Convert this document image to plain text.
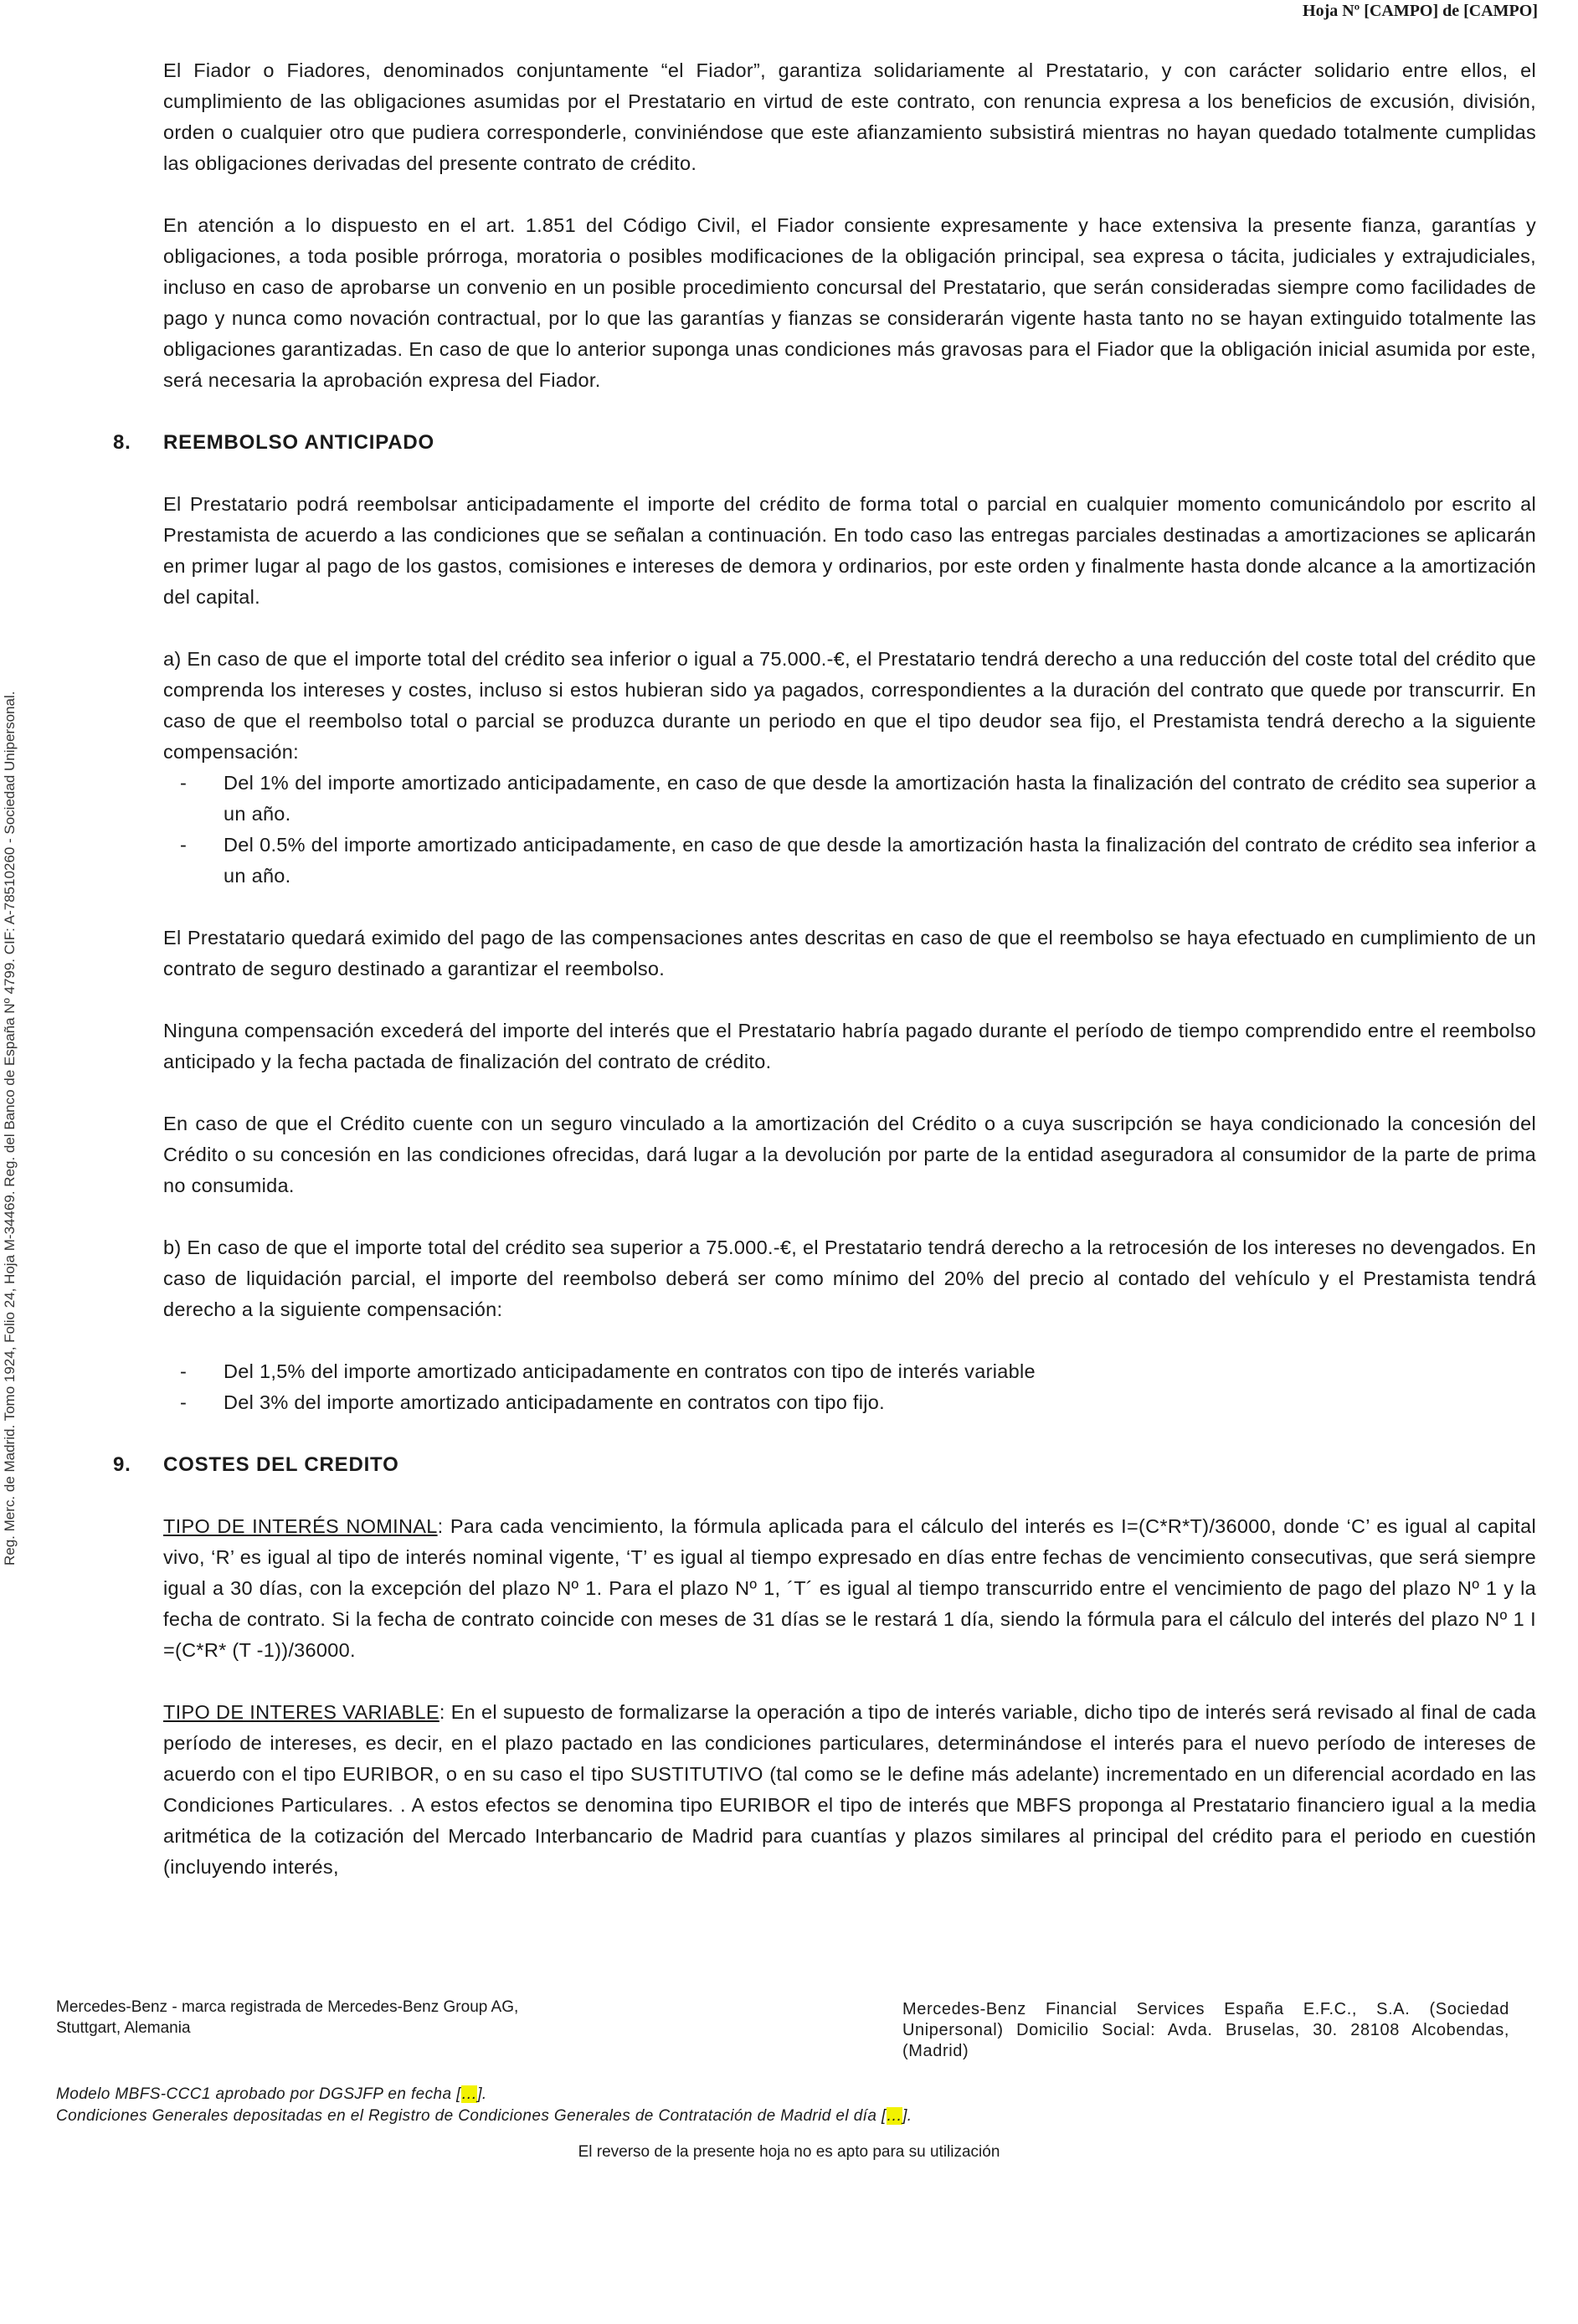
Hoja Nº [CAMPO] de [CAMPO]
Reg. Merc. de Madrid. Tomo 1924, Folio 24, Hoja M-34469. Reg. del Banco de España Nº 4799. CIF: A-78510260 - Sociedad Unipersonal.

El Fiador o Fiadores, denominados conjuntamente “el Fiador”, garantiza solidariamente al Prestatario, y con carácter solidario entre ellos, el cumplimiento de las obligaciones asumidas por el Prestatario en virtud de este contrato, con renuncia expresa a los beneficios de excusión, división, orden o cualquier otro que pudiera corresponderle, conviniéndose que este afianzamiento subsistirá mientras no hayan quedado totalmente cumplidas las obligaciones derivadas del presente contrato de crédito.

En atención a lo dispuesto en el art. 1.851 del Código Civil, el Fiador consiente expresamente y hace extensiva la presente fianza, garantías y obligaciones, a toda posible prórroga, moratoria o posibles modificaciones de la obligación principal, sea expresa o tácita, judiciales y extrajudiciales, incluso en caso de aprobarse un convenio en un posible procedimiento concursal del Prestatario, que serán consideradas siempre como facilidades de pago y nunca como novación contractual, por lo que las garantías y fianzas se considerarán vigente hasta tanto no se hayan extinguido totalmente las obligaciones garantizadas. En caso de que lo anterior suponga unas condiciones más gravosas para el Fiador que la obligación inicial asumida por este, será necesaria la aprobación expresa del Fiador.

8. REEMBOLSO ANTICIPADO

El Prestatario podrá reembolsar anticipadamente el importe del crédito de forma total o parcial en cualquier momento comunicándolo por escrito al Prestamista de acuerdo a las condiciones que se señalan a continuación. En todo caso las entregas parciales destinadas a amortizaciones se aplicarán en primer lugar al pago de los gastos, comisiones e intereses de demora y ordinarios, por este orden y finalmente hasta donde alcance a la amortización del capital.

a) En caso de que el importe total del crédito sea inferior o igual a 75.000.-€, el Prestatario tendrá derecho a una reducción del coste total del crédito que comprenda los intereses y costes, incluso si estos hubieran sido ya pagados, correspondientes a la duración del contrato que quede por transcurrir. En caso de que el reembolso total o parcial se produzca durante un periodo en que el tipo deudor sea fijo, el Prestamista tendrá derecho a la siguiente compensación:

- Del 1% del importe amortizado anticipadamente, en caso de que desde la amortización hasta la finalización del contrato de crédito sea superior a un año.
- Del 0.5% del importe amortizado anticipadamente, en caso de que desde la amortización hasta la finalización del contrato de crédito sea inferior a un año.

El Prestatario quedará eximido del pago de las compensaciones antes descritas en caso de que el reembolso se haya efectuado en cumplimiento de un contrato de seguro destinado a garantizar el reembolso.

Ninguna compensación excederá del importe del interés que el Prestatario habría pagado durante el período de tiempo comprendido entre el reembolso anticipado y la fecha pactada de finalización del contrato de crédito.

En caso de que el Crédito cuente con un seguro vinculado a la amortización del Crédito o a cuya suscripción se haya condicionado la concesión del Crédito o su concesión en las condiciones ofrecidas, dará lugar a la devolución por parte de la entidad aseguradora al consumidor de la parte de prima no consumida.

b) En caso de que el importe total del crédito sea superior a 75.000.-€, el Prestatario tendrá derecho a la retrocesión de los intereses no devengados. En caso de liquidación parcial, el importe del reembolso deberá ser como mínimo del 20% del precio al contado del vehículo y el Prestamista tendrá derecho a la siguiente compensación:

- Del 1,5% del importe amortizado anticipadamente en contratos con tipo de interés variable
- Del 3% del importe amortizado anticipadamente en contratos con tipo fijo.
9. COSTES DEL CREDITO

TIPO DE INTERÉS NOMINAL: Para cada vencimiento, la fórmula aplicada para el cálculo del interés es I=(C*R*T)/36000, donde ‘C’ es igual al capital vivo, ‘R’ es igual al tipo de interés nominal vigente, ‘T’ es igual al tiempo expresado en días entre fechas de vencimiento consecutivas, que será siempre igual a 30 días, con la excepción del plazo Nº 1. Para el plazo Nº 1, ´T´ es igual al tiempo transcurrido entre el vencimiento de pago del plazo Nº 1 y la fecha de contrato. Si la fecha de contrato coincide con meses de 31 días se le restará 1 día, siendo la fórmula para el cálculo del interés del plazo Nº 1 I =(C*R* (T -1))/36000.

TIPO DE INTERES VARIABLE: En el supuesto de formalizarse la operación a tipo de interés variable, dicho tipo de interés será revisado al final de cada período de intereses, es decir, en el plazo pactado en las condiciones particulares, determinándose el interés para el nuevo período de intereses de acuerdo con el tipo EURIBOR, o en su caso el tipo SUSTITUTIVO (tal como se le define más adelante) incrementado en un diferencial acordado en las Condiciones Particulares. . A estos efectos se denomina tipo EURIBOR el tipo de interés que MBFS proponga al Prestatario financiero igual a la media aritmética de la cotización del Mercado Interbancario de Madrid para cuantías y plazos similares al principal del crédito para el periodo en cuestión (incluyendo interés,

Mercedes-Benz - marca registrada de Mercedes-Benz Group AG,
Stuttgart, Alemania
Mercedes-Benz Financial Services España E.F.C., S.A. (Sociedad Unipersonal) Domicilio Social: Avda. Bruselas, 30. 28108 Alcobendas, (Madrid)
Modelo MBFS-CCC1 aprobado por DGSJFP en fecha […].
Condiciones Generales depositadas en el Registro de Condiciones Generales de Contratación de Madrid el día […].
El reverso de la presente hoja no es apto para su utilización
